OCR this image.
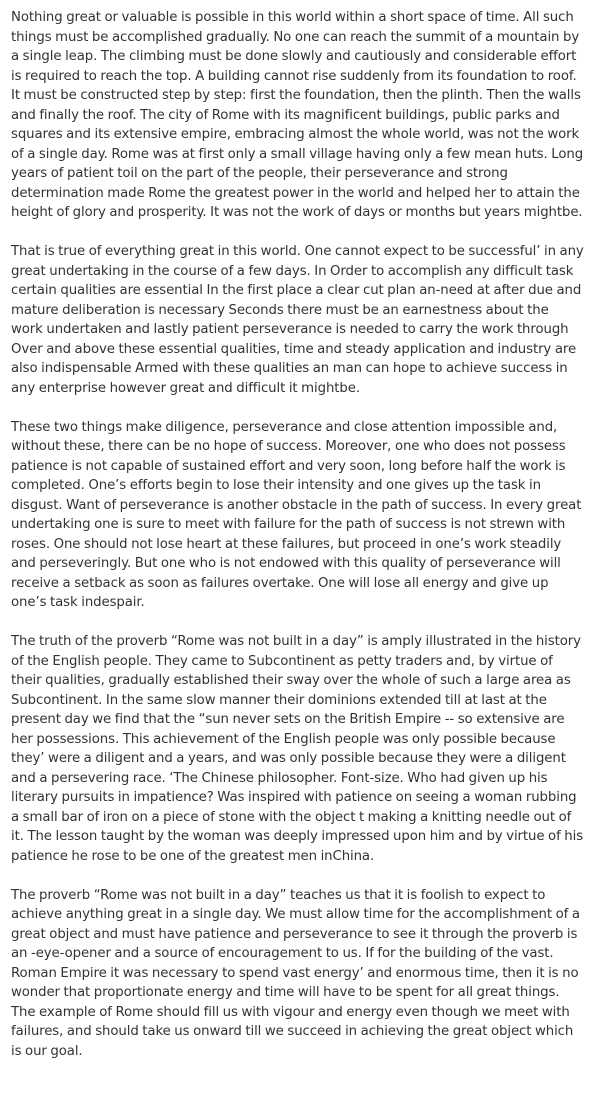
Nothing great or valuable is possible in this world within a short space of time. All such things must be accomplished gradually. No one can reach the summit of a mountain by a single leap. The climbing must be done slowly and cautiously and considerable effort is required to reach the top. A building cannot rise suddenly from its foundation to roof. It must be constructed step by step: first the foundation, then the plinth. Then the walls and finally the roof. The city of Rome with its magnificent buildings, public parks and squares and its extensive empire, embracing almost the whole world, was not the work of a single day. Rome was at first only a small village having only a few mean huts. Long years of patient toil on the part of the people, their perseverance and strong determination made Rome the greatest power in the world and helped her to attain the height of glory and prosperity. It was not the work of days or months but years mightbe.

That is true of everything great in this world. One cannot expect to be successful’ in any great undertaking in the course of a few days. In Order to accomplish any difficult task certain qualities are essential In the first place a clear cut plan an-need at after due and mature deliberation is necessary Seconds there must be an earnestness about the work undertaken and lastly patient perseverance is needed to carry the work through Over and above these essential qualities, time and steady application and industry are also indispensable Armed with these qualities an man can hope to achieve success in any enterprise however great and difficult it mightbe.

These two things make diligence, perseverance and close attention impossible and, without these, there can be no hope of success. Moreover, one who does not possess patience is not capable of sustained effort and very soon, long before half the work is completed. One’s efforts begin to lose their intensity and one gives up the task in disgust. Want of perseverance is another obstacle in the path of success. In every great undertaking one is sure to meet with failure for the path of success is not strewn with roses. One should not lose heart at these failures, but proceed in one’s work steadily and perseveringly. But one who is not endowed with this quality of perseverance will receive a setback as soon as failures overtake. One will lose all energy and give up one’s task indespair.

The truth of the proverb “Rome was not built in a day” is amply illustrated in the history of the English people. They came to Subcontinent as petty traders and, by virtue of their qualities, gradually established their sway over the whole of such a large area as Subcontinent. In the same slow manner their dominions extended till at last at the present day we find that the “sun never sets on the British Empire -- so extensive are her possessions. This achievement of the English people was only possible because they’ were a diligent and a years, and was only possible because they were a diligent and a persevering race. ‘The Chinese philosopher. Font-size. Who had given up his literary pursuits in impatience? Was inspired with patience on seeing a woman rubbing a small bar of iron on a piece of stone with the object t making a knitting needle out of it. The lesson taught by the woman was deeply impressed upon him and by virtue of his patience he rose to be one of the greatest men inChina.

The proverb “Rome was not built in a day” teaches us that it is foolish to expect to achieve anything great in a single day. We must allow time for the accomplishment of a great object and must have patience and perseverance to see it through the proverb is an -eye-opener and a source of encouragement to us. If for the building of the vast. Roman Empire it was necessary to spend vast energy’ and enormous time, then it is no wonder that proportionate energy and time will have to be spent for all great things. The example of Rome should fill us with vigour and energy even though we meet with failures, and should take us onward till we succeed in achieving the great object which is our goal.
